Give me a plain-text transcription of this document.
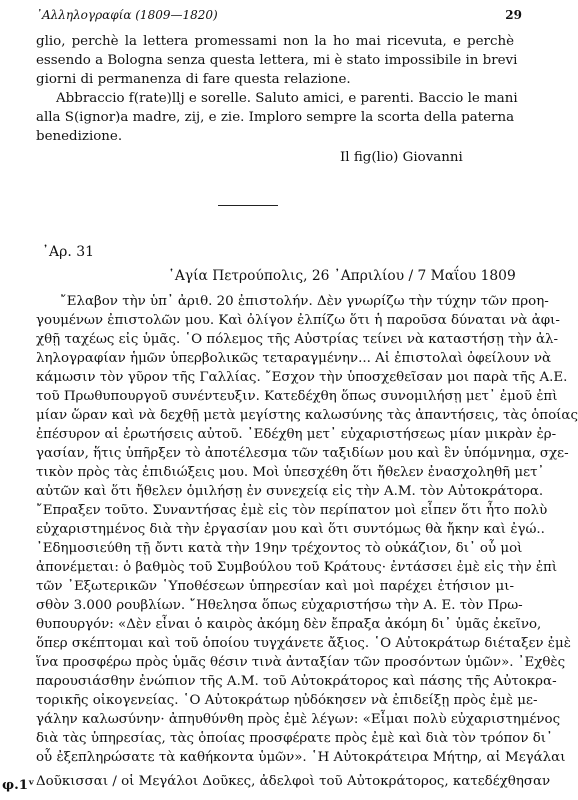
᾿Αλληλογραφία (1809—1820)	29
glio, perchè la lettera promessami non la ho mai ricevuta, e perchè
essendo a Bologna senza questa lettera, mi è stato impossibile in brevi
giorni di permanenza di fare questa relazione.
Abbraccio f(rate)llj e sorelle. Saluto amici, e parenti. Baccio le mani
alla S(ignor)a madre, zij, e zie. Imploro sempre la scorta della paterna
benedizione.
Il fig(lio) Giovanni
᾿Αρ. 31
῾Αγία Πετρούπολις, 26 ᾿Απριλίου / 7 Μαΐου 1809
῎Ελαβον τὴν ὑπ᾿ ἀριθ. 20 ἐπιστολήν. Δὲν γνωρίζω τὴν τύχην τῶν προη-
γουμένων ἐπιστολῶν μου. Καὶ ὀλίγον ἐλπίζω ὅτι ἡ παροῦσα δύναται νὰ ἀφι-
χθῇ ταχέως εἰς ὑμᾶς. ῾Ο πόλεμος τῆς Αὐστρίας τείνει νὰ καταστήσῃ τὴν ἀλ-
ληλογραφίαν ἡμῶν ὑπερβολικῶς τεταραγμένην... Αἱ ἐπιστολαὶ ὀφείλουν νὰ
κάμωσιν τὸν γῦρον τῆς Γαλλίας. ῎Εσχον τὴν ὑποσχεθεῖσαν μοι παρὰ τῆς Α.Ε.
τοῦ Πρωθυπουργοῦ συνέντευξιν. Κατεδέχθη ὅπως συνομιλήσῃ μετ᾿ ἐμοῦ ἐπὶ
μίαν ὥραν καὶ νὰ δεχθῇ μετὰ μεγίστης καλωσύνης τὰς ἀπαντήσεις, τὰς ὁποίας
ἐπέσυρον αἱ ἐρωτήσεις αὐτοῦ. ᾿Εδέχθη μετ᾿ εὐχαριστήσεως μίαν μικρὰν ἐρ-
γασίαν, ἥτις ὑπῆρξεν τὸ ἀποτέλεσμα τῶν ταξιδίων μου καὶ ἓν ὑπόμνημα, σχε-
τικὸν πρὸς τὰς ἐπιδιώξεις μου. Μοὶ ὑπεσχέθη ὅτι ἤθελεν ἐνασχοληθῆ μετ᾿
αὐτῶν καὶ ὅτι ἤθελεν ὁμιλήσῃ ἐν συνεχείᾳ εἰς τὴν Α.Μ. τὸν Αὐτοκράτορα.
῎Επραξεν τοῦτο. Συναντήσας ἐμὲ εἰς τὸν περίπατον μοὶ εἶπεν ὅτι ἦτο πολὺ
εὐχαριστημένος διὰ τὴν ἐργασίαν μου καὶ ὅτι συντόμως θὰ ἤκην καὶ ἐγώ..
᾿Εδημοσιεύθη τῇ ὄντι κατὰ τὴν 19ην τρέχοντος τὸ οὐκάζιον, δι᾿ οὗ μοὶ
ἀπονέμεται: ὁ βαθμὸς τοῦ Συμβούλου τοῦ Κράτους· ἐντάσσει ἐμὲ εἰς τὴν ἐπὶ
τῶν ᾿Εξωτερικῶν ῾Υποθέσεων ὑπηρεσίαν καὶ μοὶ παρέχει ἐτήσιον μι-
σθὸν 3.000 ρουβλίων. ῎Ηθελησα ὅπως εὐχαριστήσω τὴν Α. Ε. τὸν Πρω-
θυπουργόν: «Δὲν εἶναι ὁ καιρὸς ἀκόμη̣ δὲν ἔπραξα ἀκόμη δι᾿ ὑμᾶς ἐκεῖνο,
ὅπερ σκέπτομαι καὶ τοῦ ὁποίου τυγχάνετε ἄξιος. ῾Ο Αὐτοκράτωρ διέταξεν ἐμὲ
ἵνα προσφέρω πρὸς ὑμᾶς θέσιν τινὰ ἀνταξίαν τῶν προσόντων ὑμῶν». ᾿Εχθὲς
παρουσιάσθην ἐνώπιον τῆς Α.Μ. τοῦ Αὐτοκράτορος καὶ πάσης τῆς Αὐτοκρα-
τορικῆς οἰκογενείας. ῾Ο Αὐτοκράτωρ ηὐδόκησεν νὰ ἐπιδείξῃ πρὸς ἐμὲ με-
γάλην καλωσύνην· ἀπηυθύνθη πρὸς ἐμὲ λέγων: «Εἶμαι πολὺ εὐχαριστημένος
διὰ τὰς ὑπηρεσίας, τὰς ὁποίας προσφέρατε πρὸς ἐμὲ καὶ διὰ τὸν τρόπον δι᾿
οὗ ἐξεπληρώσατε τὰ καθήκοντα ὑμῶν». ῾Η Αὐτοκράτειρα Μήτηρ, αἱ Μεγάλαι
Δοῦκισσαι / οἱ Μεγάλοι Δοῦκες, ἀδελφοὶ τοῦ Αὐτοκράτορος, κατεδέχθησαν
φ.1ᵛ
